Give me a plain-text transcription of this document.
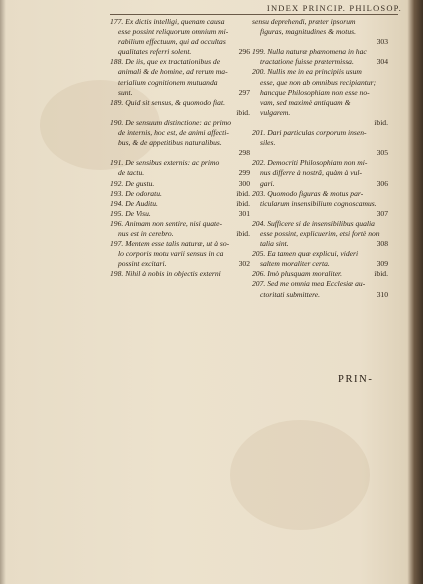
INDEX PRINCIP. PHILOSOP.
177. Ex dictis intelligi, quenam causa
esse possint reliquorum omnium mi-
rabilium effectuum, qui ad occultas
296
qualitates referri solent.
188. De iis, que ex tractationibus de
animali & de homine, ad rerum ma-
terialium cognitionem mutuanda
297
sunt.
189. Quid sit sensus, & quomodo fiat.
ibid.
190. De sensuum distinctione: ac primo
de internis, hoc est, de animi affecti-
bus, & de appetitibus naturalibus.
298
191. De sensibus externis: ac primo
299
de tactu.
300
192. De gustu.
ibid.
193. De odoratu.
ibid.
194. De Auditu.
301
195. De Visu.
196. Animam non sentire, nisi quate-
ibid.
nus est in cerebro.
197. Mentem esse talis naturæ, ut à so-
lo corporis motu varii sensus in ca
302
possint excitari.
198. Nihil à nobis in objectis externi
sensu deprehendi, præter ipsorum
figuras, magnitudines & motus.
303
199. Nulla naturæ phænomena in hac
304
tractatione fuisse prætermissa.
200. Nullis me in ea principiis usum
esse, que non ab omnibus recipiantur;
hancque Philosophiam non esse no-
vam, sed maximè antiquam &
vulgarem.
ibid.
201. Dari particulas corporum insen-
siles.
305
202. Democriti Philosophiam non mi-
nus differre à nostrâ, quàm à vul-
306
gari.
203. Quomodo figuras & motus par-
ticularum insensibilium cognoscamus.
307
204. Sufficere si de insensibilibus qualia
esse possint, explicuerim, etsi fortè non
308
talia sint.
205. Ea tamen quæ explicui, videri
309
saltem moraliter certa.
ibid.
206. Imò plusquam moraliter.
207. Sed me omnia mea Ecclesiæ au-
310
ctoritati submittere.
PRIN-
